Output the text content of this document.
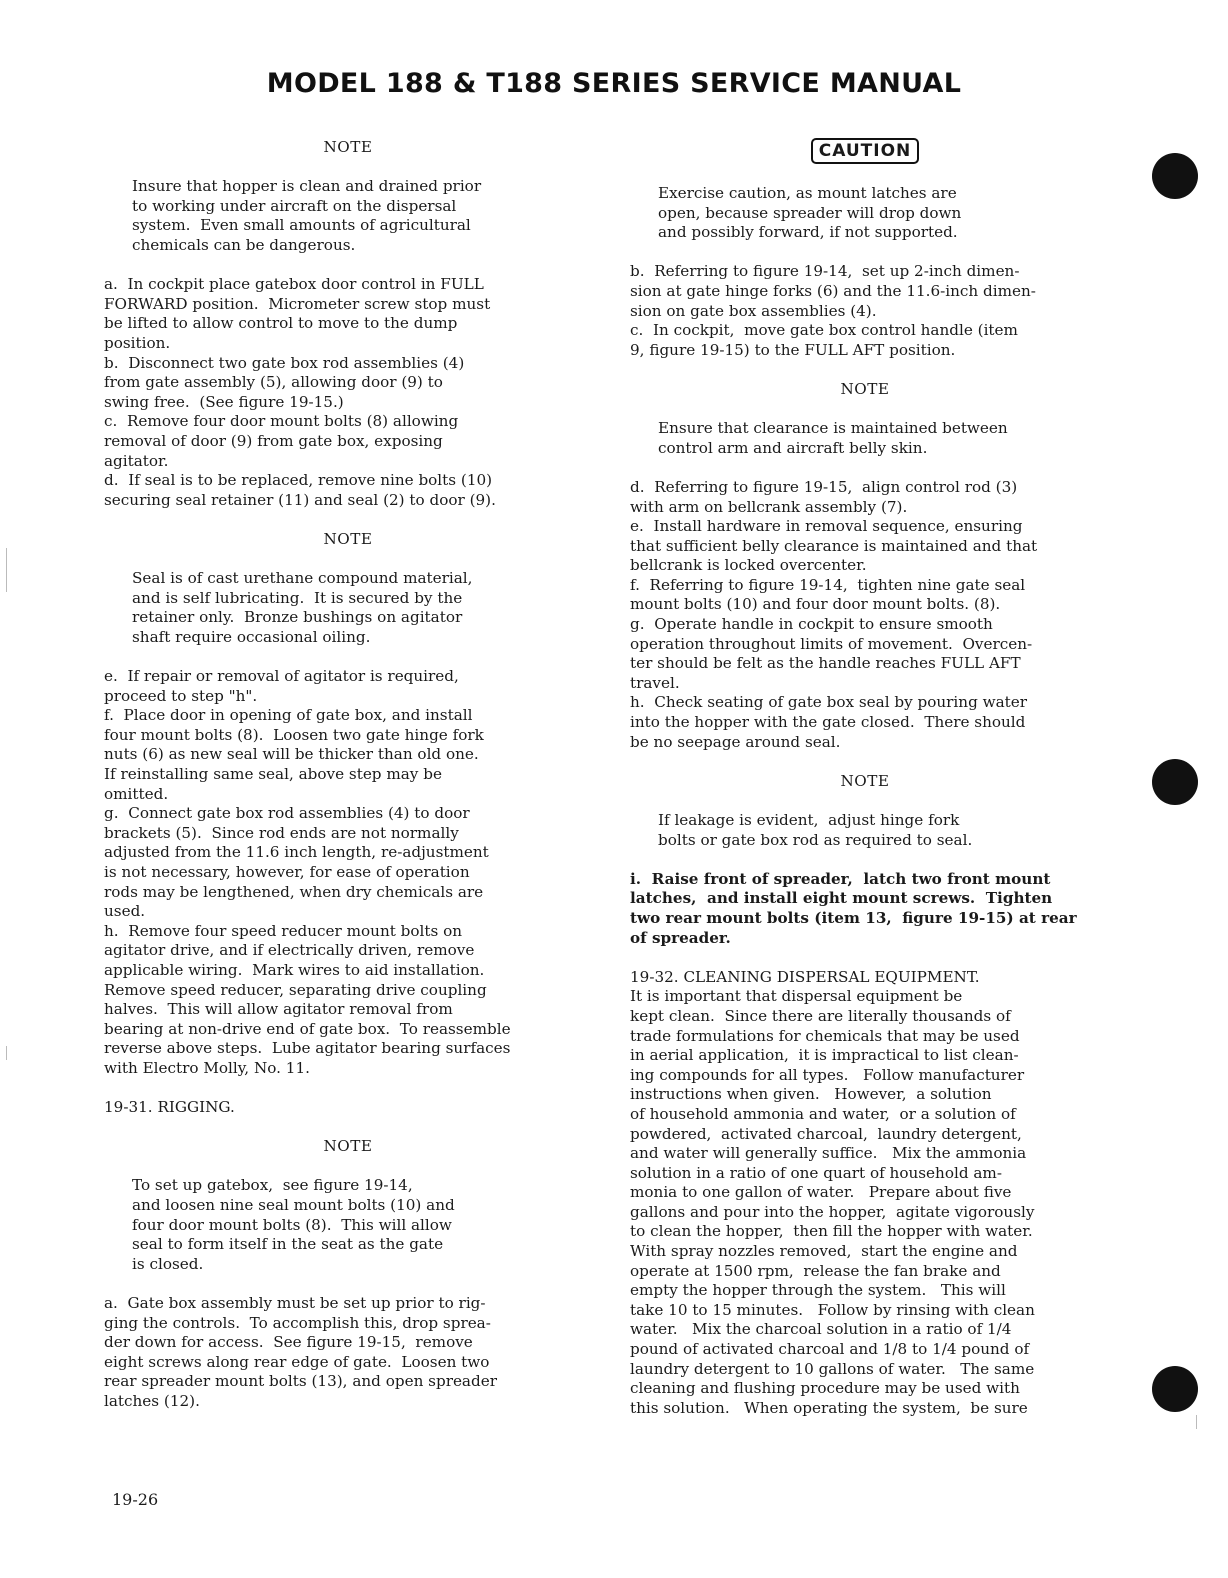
MODEL 188 & T188 SERIES SERVICE MANUAL

NOTE

Insure that hopper is clean and drained prior
to working under aircraft on the dispersal
system.  Even small amounts of agricultural
chemicals can be dangerous.
a.  In cockpit place gatebox door control in FULL
FORWARD position.  Micrometer screw stop must
be lifted to allow control to move to the dump
position.
b.  Disconnect two gate box rod assemblies (4)
from gate assembly (5), allowing door (9) to
swing free.  (See figure 19-15.)
c.  Remove four door mount bolts (8) allowing
removal of door (9) from gate box, exposing
agitator.
d.  If seal is to be replaced, remove nine bolts (10)
securing seal retainer (11) and seal (2) to door (9).

NOTE

Seal is of cast urethane compound material,
and is self lubricating.  It is secured by the
retainer only.  Bronze bushings on agitator
shaft require occasional oiling.
e.  If repair or removal of agitator is required,
proceed to step "h".
f.  Place door in opening of gate box, and install
four mount bolts (8).  Loosen two gate hinge fork
nuts (6) as new seal will be thicker than old one.
If reinstalling same seal, above step may be
omitted.
g.  Connect gate box rod assemblies (4) to door
brackets (5).  Since rod ends are not normally
adjusted from the 11.6 inch length, re-adjustment
is not necessary, however, for ease of operation
rods may be lengthened, when dry chemicals are
used.
h.  Remove four speed reducer mount bolts on
agitator drive, and if electrically driven, remove
applicable wiring.  Mark wires to aid installation.
Remove speed reducer, separating drive coupling
halves.  This will allow agitator removal from
bearing at non-drive end of gate box.  To reassemble
reverse above steps.  Lube agitator bearing surfaces
with Electro Molly, No. 11.

19-31. RIGGING.

NOTE

To set up gatebox,  see figure 19-14,
and loosen nine seal mount bolts (10) and
four door mount bolts (8).  This will allow
seal to form itself in the seat as the gate
is closed.
a.  Gate box assembly must be set up prior to rig-
ging the controls.  To accomplish this, drop sprea-
der down for access.  See figure 19-15,  remove
eight screws along rear edge of gate.  Loosen two
rear spreader mount bolts (13), and open spreader
latches (12).
CAUTION
Exercise caution, as mount latches are
open, because spreader will drop down
and possibly forward, if not supported.
b.  Referring to figure 19-14,  set up 2-inch dimen-
sion at gate hinge forks (6) and the 11.6-inch dimen-
sion on gate box assemblies (4).
c.  In cockpit,  move gate box control handle (item
9, figure 19-15) to the FULL AFT position.

NOTE

Ensure that clearance is maintained between
control arm and aircraft belly skin.
d.  Referring to figure 19-15,  align control rod (3)
with arm on bellcrank assembly (7).
e.  Install hardware in removal sequence, ensuring
that sufficient belly clearance is maintained and that
bellcrank is locked overcenter.
f.  Referring to figure 19-14,  tighten nine gate seal
mount bolts (10) and four door mount bolts. (8).
g.  Operate handle in cockpit to ensure smooth
operation throughout limits of movement.  Overcen-
ter should be felt as the handle reaches FULL AFT
travel.
h.  Check seating of gate box seal by pouring water
into the hopper with the gate closed.  There should
be no seepage around seal.

NOTE

If leakage is evident,  adjust hinge fork
bolts or gate box rod as required to seal.
i.  Raise front of spreader,  latch two front mount
latches,  and install eight mount screws.  Tighten
two rear mount bolts (item 13,  figure 19-15) at rear
of spreader.

19-32. CLEANING DISPERSAL EQUIPMENT.

It is important that dispersal equipment be
kept clean.  Since there are literally thousands of
trade formulations for chemicals that may be used
in aerial application,  it is impractical to list clean-
ing compounds for all types.   Follow manufacturer
instructions when given.   However,  a solution
of household ammonia and water,  or a solution of
powdered,  activated charcoal,  laundry detergent,
and water will generally suffice.   Mix the ammonia
solution in a ratio of one quart of household am-
monia to one gallon of water.   Prepare about five
gallons and pour into the hopper,  agitate vigorously
to clean the hopper,  then fill the hopper with water.
With spray nozzles removed,  start the engine and
operate at 1500 rpm,  release the fan brake and
empty the hopper through the system.   This will
take 10 to 15 minutes.   Follow by rinsing with clean
water.   Mix the charcoal solution in a ratio of 1/4
pound of activated charcoal and 1/8 to 1/4 pound of
laundry detergent to 10 gallons of water.   The same
cleaning and flushing procedure may be used with
this solution.   When operating the system,  be sure
19-26
